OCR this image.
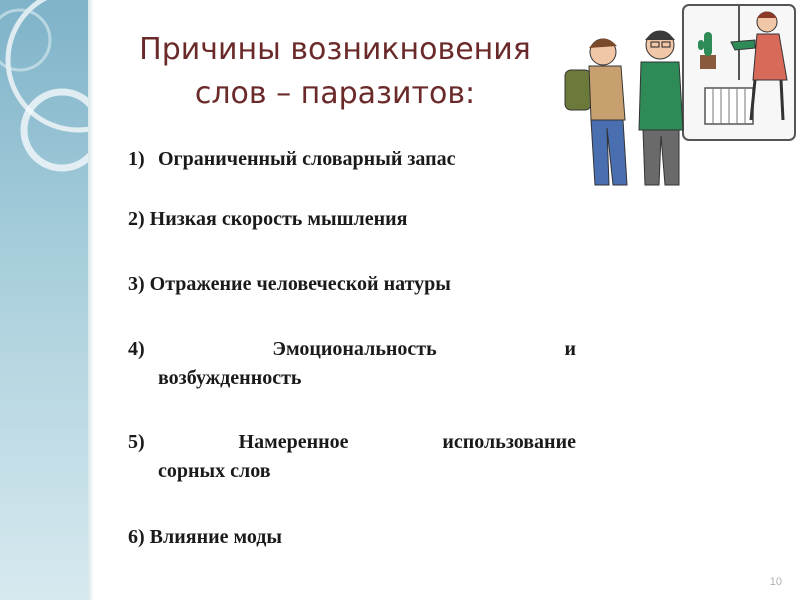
Причины возникновения
слов – паразитов:
1) Ограниченный словарный запас
2) Низкая скорость мышления
3) Отражение человеческой натуры
4)	Эмоциональность	и
возбужденность
5)	Намеренное	использование
сорных слов
6) Влияние моды
10
